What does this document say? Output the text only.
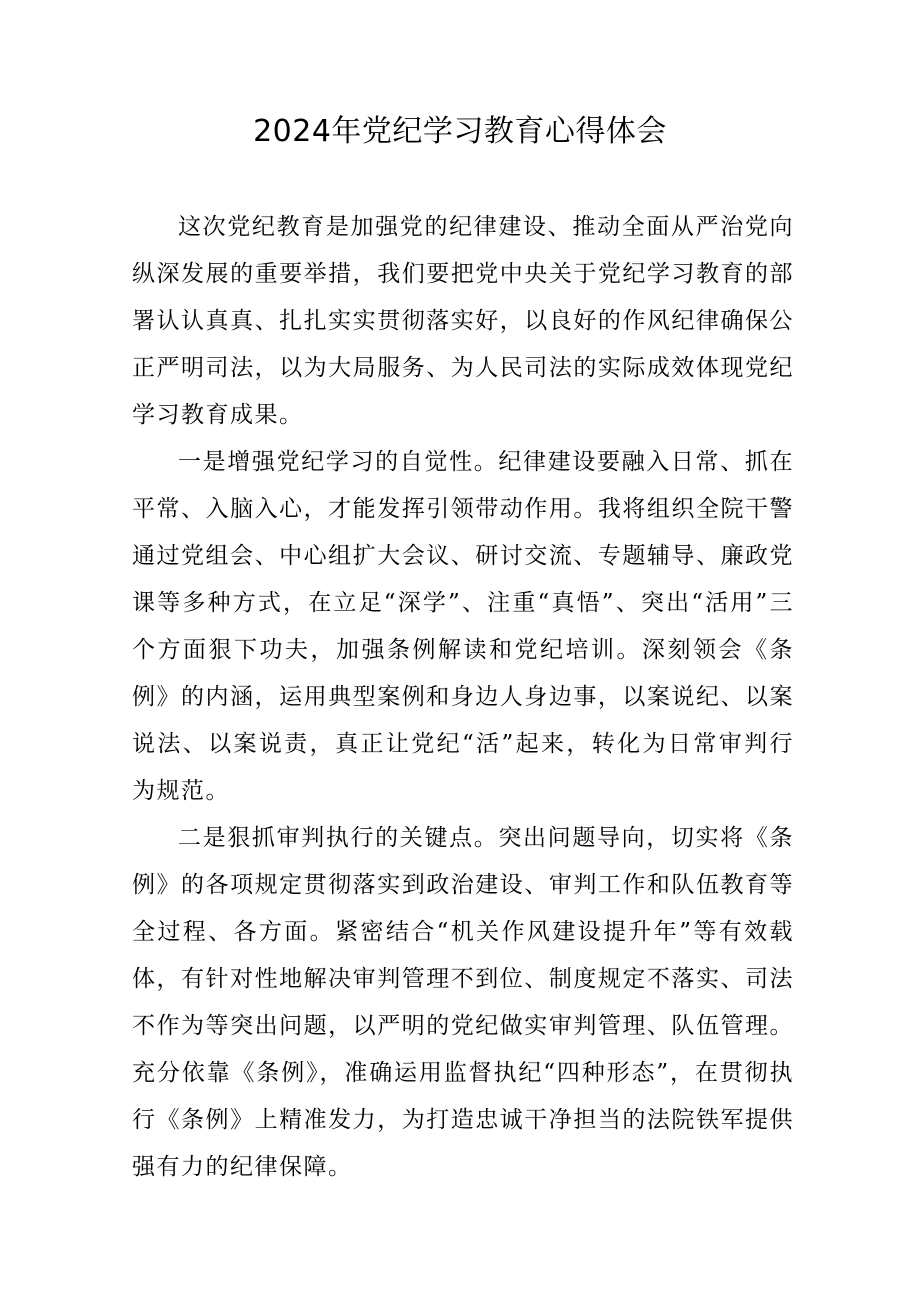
2024年党纪学习教育心得体会

这次党纪教育是加强党的纪律建设、推动全面从严治党向纵深发展的重要举措，我们要把党中央关于党纪学习教育的部署认认真真、扎扎实实贯彻落实好，以良好的作风纪律确保公正严明司法，以为大局服务、为人民司法的实际成效体现党纪学习教育成果。

一是增强党纪学习的自觉性。纪律建设要融入日常、抓在平常、入脑入心，才能发挥引领带动作用。我将组织全院干警通过党组会、中心组扩大会议、研讨交流、专题辅导、廉政党课等多种方式，在立足“深学”、注重“真悟”、突出“活用”三个方面狠下功夫，加强条例解读和党纪培训。深刻领会《条例》的内涵，运用典型案例和身边人身边事，以案说纪、以案说法、以案说责，真正让党纪“活”起来，转化为日常审判行为规范。

二是狠抓审判执行的关键点。突出问题导向，切实将《条例》的各项规定贯彻落实到政治建设、审判工作和队伍教育等全过程、各方面。紧密结合“机关作风建设提升年”等有效载体，有针对性地解决审判管理不到位、制度规定不落实、司法不作为等突出问题，以严明的党纪做实审判管理、队伍管理。充分依靠《条例》，准确运用监督执纪“四种形态”，在贯彻执行《条例》上精准发力，为打造忠诚干净担当的法院铁军提供强有力的纪律保障。
